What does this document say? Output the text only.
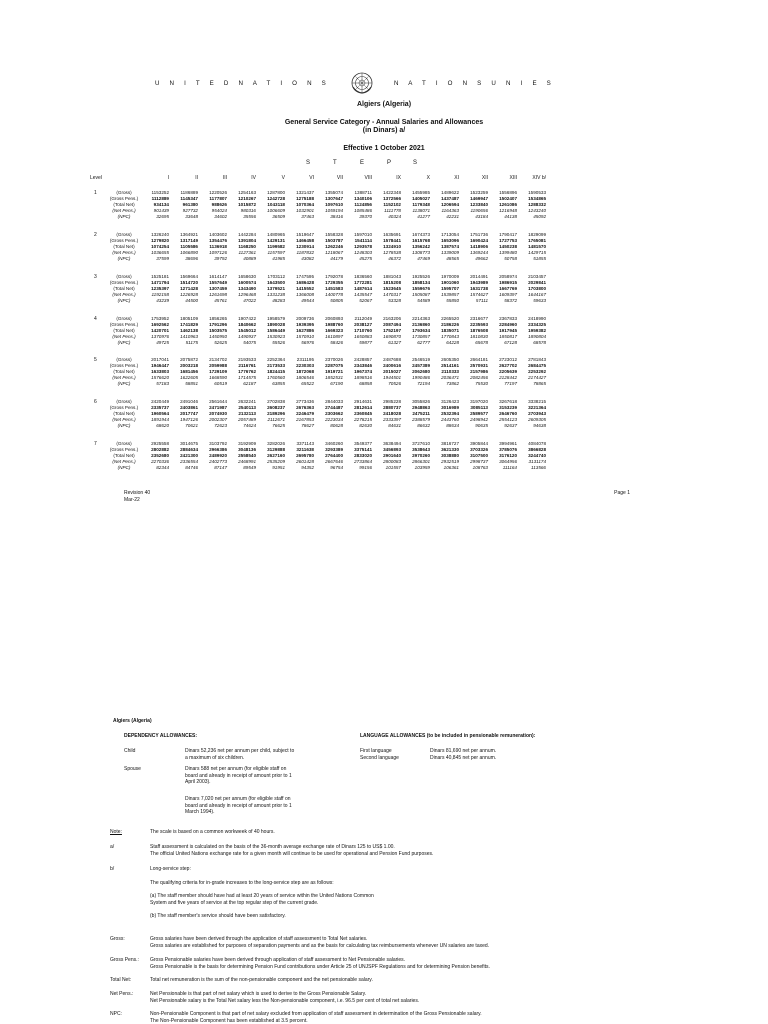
U N I T E D N A T I O N S	N A T I O N S U N I E S
Algiers (Algeria)
General Service Category - Annual Salaries and Allowances
(in Dinars) a/
Effective 1 October 2021
S	T	E	P	S
Level	I	II	III	IV	V	VI	VII	VIII	IX	X	XI	XII	XIII	XIV b/
1	(Gross)	1153252	1186889	1220526	1254163	1287800	1321437	1355074	1388711	1422348	1455985	1489622	1523259	1556896	1590533
(Gross Pens.)	1112889	1145347	1177807	1210267	1242728	1275188	1307647	1340106	1372566	1405027	1437487	1469947	1502407	1534865
(Total Net)	934134	961380	988626	1015872	1043118	1070364	1097610	1124856	1152102	1179348	1206594	1233840	1261086	1288332
(Net Pens.)	901439	927732	954024	980316	1006609	1032901	1059194	1085486	1111778	1138071	1164363	1190656	1216948	1243240
(NPC)	32695	33648	34602	35556	36509	37463	38416	39370	40324	41277	42231	43184	44138	45092
2	(Gross)	1326240	1364921	1403602	1442284	1480965	1519647	1558328	1597010	1635691	1674373	1713054	1751736	1790417	1829099
(Gross Pens.)	1279820	1317149	1354476	1391804	1429131	1466458	1503787	1541114	1578441	1615768	1653096	1690424	1727753	1765081
(Total Net)	1074254	1105586	1136918	1168250	1199582	1230914	1262246	1293578	1324910	1356242	1387574	1418906	1450238	1481570
(Net Pens.)	1036655	1066890	1097126	1127361	1157597	1187832	1218067	1248303	1278538	1308773	1339009	1369244	1399480	1429715
(NPC)	37599	38696	39792	40889	41985	43082	44179	45275	46372	47469	48565	49662	50758	51855
3	(Gross)	1525181	1569664	1614147	1658630	1703112	1747595	1792078	1836560	1881043	1925526	1970009	2014491	2058974	2103457
(Gross Pens.)	1471794	1514720	1557649	1600574	1643500	1686428	1729355	1772281	1815208	1858134	1901060	1943989	1986915	2029841
(Total Net)	1235397	1271428	1307459	1343490	1379521	1415552	1451583	1487614	1523645	1559676	1595707	1631738	1667769	1703800
(Net Pens.)	1192158	1226928	1261698	1296468	1331238	1366008	1400778	1435547	1470317	1505087	1539857	1574627	1609397	1644167
(NPC)	43239	44500	45761	47022	48283	49544	50805	52067	53328	54589	55850	57111	58372	59633
4	(Gross)	1753952	1805109	1856265	1907422	1958579	2009736	2060893	2112049	2163206	2214363	2265520	2316677	2367833	2418990
(Gross Pens.)	1692562	1741829	1791296	1840662	1890028	1939395	1988760	2038127	2087494	2136860	2186226	2235593	2284960	2334325
(Total Net)	1420701	1462138	1503575	1545012	1586449	1627886	1669323	1710760	1752197	1793634	1835071	1876508	1917945	1959382
(Net Pens.)	1370976	1410963	1450950	1490937	1530923	1570910	1610897	1650883	1690870	1730857	1770843	1810830	1850817	1890804
(NPC)	49725	51175	52625	54075	55526	56976	58426	59877	61327	62777	64228	65678	67128	68578
5	(Gross)	2017041	2075872	2134702	2193533	2252364	2311195	2370026	2428857	2487688	2546519	2605350	2664181	2723012	2781843
(Gross Pens.)	1946447	2003218	2059988	2116761	2173533	2230303	2287075	2343846	2400616	2457389	2514161	2570931	2627702	2684475
(Total Net)	1633803	1681456	1729109	1776762	1824415	1872068	1919721	1967374	2015027	2062680	2110333	2157986	2205639	2253292
(Net Pens.)	1576620	1622605	1668590	1714575	1760560	1806546	1852531	1898516	1944501	1990486	2036471	2082456	2128442	2174427
(NPC)	57183	58851	60519	62187	63855	65522	67190	68858	70526	72194	73862	75530	77197	78865
6	(Gross)	2420449	2491046	2561644	2632241	2702838	2773436	2844033	2914631	2985228	3055826	3126423	3197020	3267618	3338215
(Gross Pens.)	2335737	2403861	2471987	2540113	2608237	2676363	2744487	2812614	2880737	2948863	3016989	3085113	3153239	3221364
(Total Net)	1960564	2017747	2074930	2132113	2189296	2246479	2303662	2360845	2418028	2475211	2532394	2589577	2646760	2703943
(Net Pens.)	1891944	1947126	2002307	2057489	2112671	2167853	2223034	2278215	2333397	2388579	2443760	2498942	2554123	2609305
(NPC)	68620	70621	72623	74624	76625	78627	80628	82630	84631	86632	88634	90635	92637	94638
7	(Gross)	2925558	3014675	3103792	3192909	3282026	3371143	3460260	3549377	3638494	3727610	3816727	3905844	3994961	4084078
(Gross Pens.)	2802882	2884634	2966386	3048136	3129888	3211638	3293389	3375141	3456893	3538643	3621330	3703326	3785076	3866828
(Total Net)	2352680	2421300	2489920	2558540	2627160	2695780	2764400	2833020	2901640	2970260	3038880	3107500	3176120	3244740
(Net Pens.)	2270336	2336554	2402773	2468991	2535209	2601428	2667646	2733864	2800083	2866301	2932519	2998737	3064956	3131174
(NPC)	82344	84746	87147	89549	91951	94352	96754	99156	101557	103959	106361	108763	111164	113566
Revision 40
Mar-22
Page 1
Algiers (Algeria)
DEPENDENCY ALLOWANCES:	LANGUAGE ALLOWANCES (to be included in pensionable remuneration):
Child	Dinars 52,236 net per annum per child, subject to a maximum of six children.
First language	Dinars 81,690 net per annum.
Second language	Dinars 40,845 net per annum.
Spouse	Dinars 588 net per annum (for eligible staff on board and already in receipt of amount prior to 1 April 2003).
Dinars 7,020 net per annum (for eligible staff on board and already in receipt of amount prior to 1 March 1994).
Note:	The scale is based on a common workweek of 40 hours.
a/	Staff assessment is calculated on the basis of the 36-month average exchange rate of Dinars 125 to US$ 1.00.
The official United Nations exchange rate for a given month will continue to be used for operational and Pension Fund purposes.
b/	Long-service step:
The qualifying criteria for in-grade increases to the long-service step are as follows:
(a) The staff member should have had at least 20 years of service within the United Nations Common System and five years of service at the top regular step of the current grade.
(b) The staff member's service should have been satisfactory.
Gross:	Gross salaries have been derived through the application of staff assessment to Total Net salaries.
Gross salaries are established for purposes of separation payments and as the basis for calculating tax reimbursements whenever UN salaries are taxed.
Gross Pens.: Gross Pensionable salaries have been derived through application of staff assessment to Net Pensionable salaries.
Gross Pensionable is the basis for determining Pension Fund contributions under Article 25 of UNJSPF Regulations and for determining Pension benefits.
Total Net:	Total net remuneration is the sum of the non-pensionable component and the net pensionable salary.
Net Pens.:	Net Pensionable is that part of net salary which is used to derive to the Gross Pensionable Salary.
Net Pensionable salary is the Total Net salary less the Non-pensionable component, i.e. 96.5 per cent of total net salaries.
NPC:	Non-Pensionable Component is that part of net salary excluded from application of staff assessment in determination of the Gross Pensionable salary.
The Non-Pensionable Component has been established at 3.5 percent.
